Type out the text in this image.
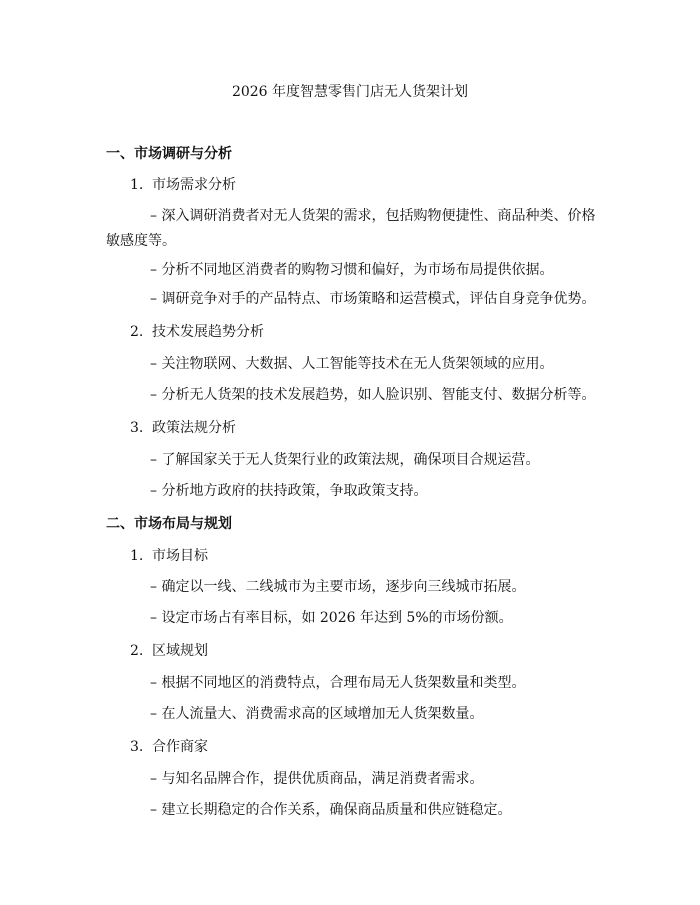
2026 年度智慧零售门店无人货架计划
一、市场调研与分析
1. 市场需求分析
– 深入调研消费者对无人货架的需求，包括购物便捷性、商品种类、价格敏感度等。
– 分析不同地区消费者的购物习惯和偏好，为市场布局提供依据。
– 调研竞争对手的产品特点、市场策略和运营模式，评估自身竞争优势。
2. 技术发展趋势分析
– 关注物联网、大数据、人工智能等技术在无人货架领域的应用。
– 分析无人货架的技术发展趋势，如人脸识别、智能支付、数据分析等。
3. 政策法规分析
– 了解国家关于无人货架行业的政策法规，确保项目合规运营。
– 分析地方政府的扶持政策，争取政策支持。
二、市场布局与规划
1. 市场目标
– 确定以一线、二线城市为主要市场，逐步向三线城市拓展。
– 设定市场占有率目标，如 2026 年达到 5%的市场份额。
2. 区域规划
– 根据不同地区的消费特点，合理布局无人货架数量和类型。
– 在人流量大、消费需求高的区域增加无人货架数量。
3. 合作商家
– 与知名品牌合作，提供优质商品，满足消费者需求。
– 建立长期稳定的合作关系，确保商品质量和供应链稳定。
